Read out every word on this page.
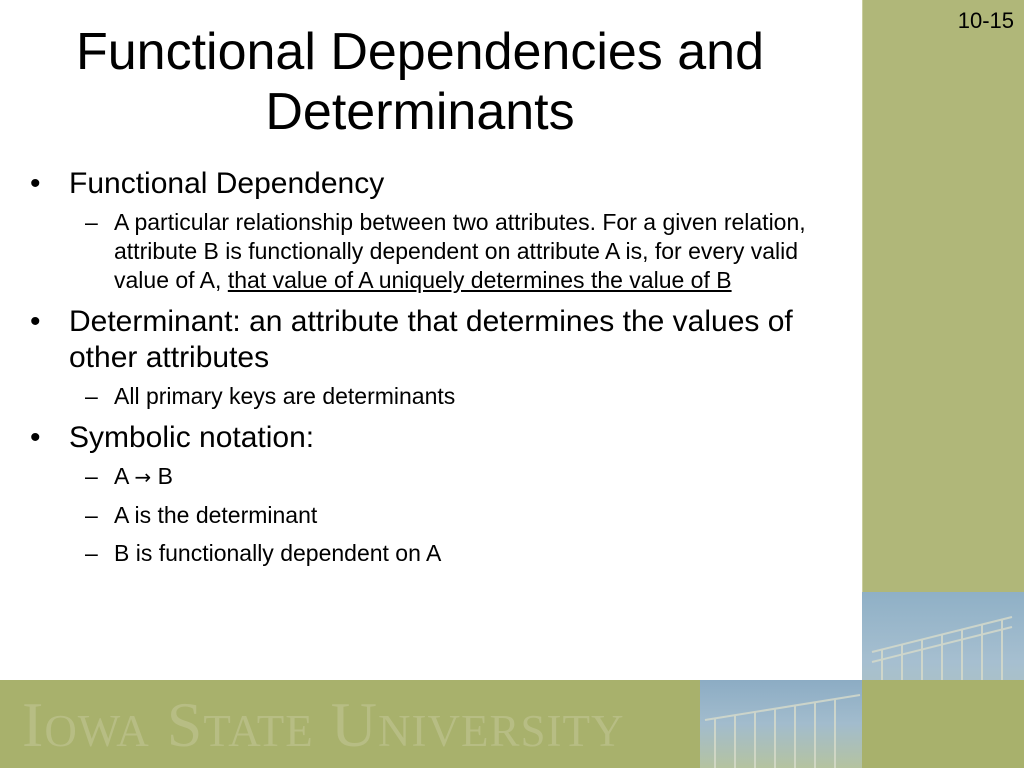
Iowa State University
10-15
Functional Dependencies and
Determinants
• Functional Dependency
– A particular relationship between two attributes. For a given relation, attribute B is functionally dependent on attribute A is, for every valid value of A, that value of A uniquely determines the value of B
• Determinant: an attribute that determines the values of other attributes
– All primary keys are determinants
• Symbolic notation:
– A → B
– A is the determinant
– B is functionally dependent on A
